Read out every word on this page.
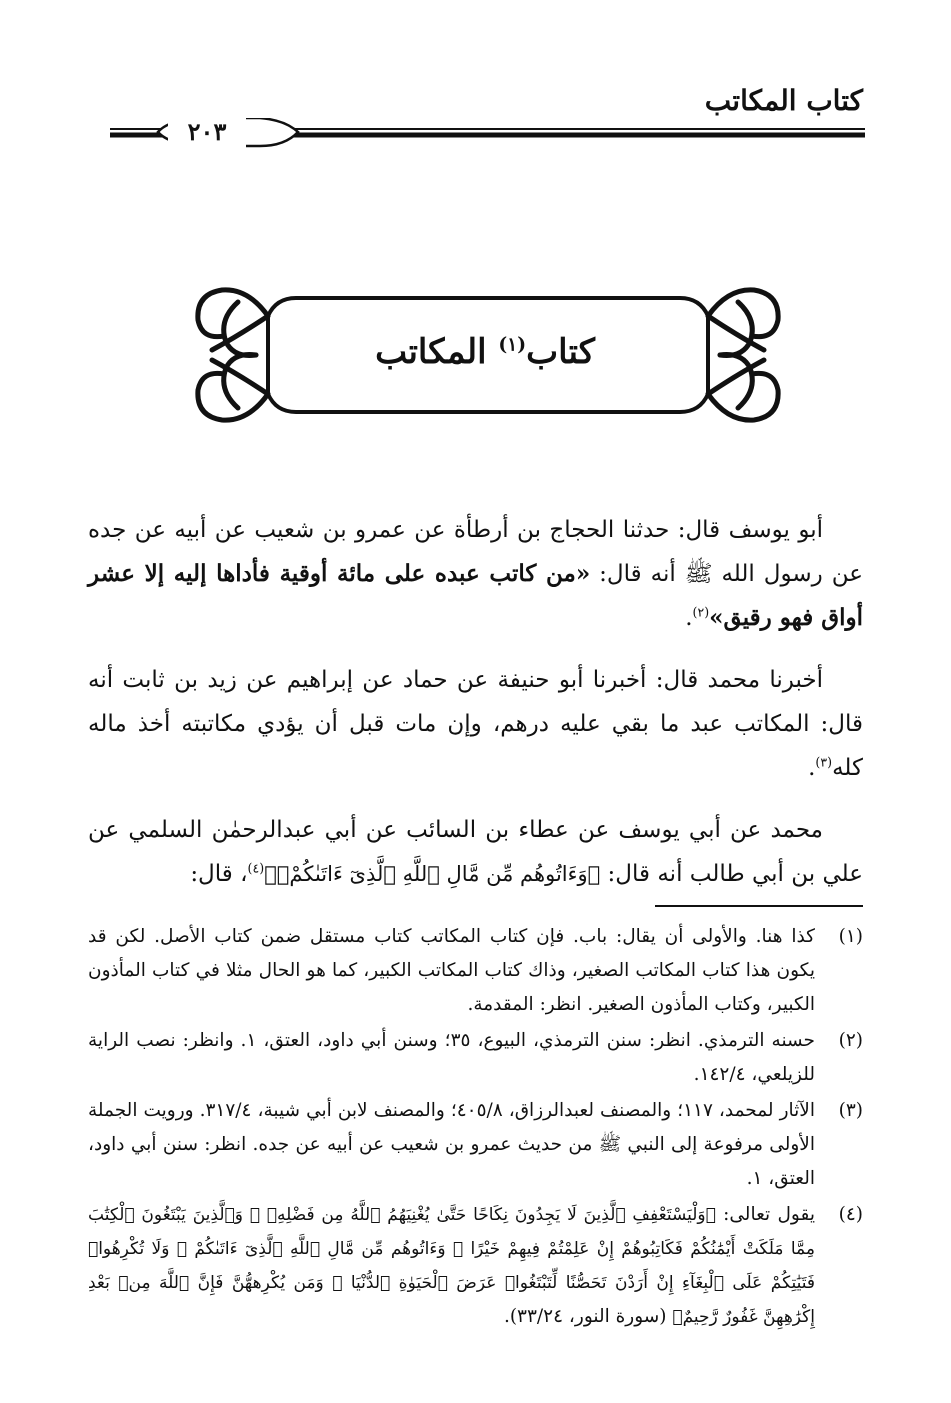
كتاب المكاتب
٢٠٣
كتاب$^{(١)}$ المكاتب

أبو يوسف قال: حدثنا الحجاج بن أرطأة عن عمرو بن شعيب عن أبيه عن جده عن رسول الله ﷺ أنه قال: «من كاتب عبده على مائة أوقية فأداها إليه إلا عشر أواق فهو رقيق»$^{(٢)}$.

أخبرنا محمد قال: أخبرنا أبو حنيفة عن حماد عن إبراهيم عن زيد بن ثابت أنه قال: المكاتب عبد ما بقي عليه درهم، وإن مات قبل أن يؤدي مكاتبته أخذ ماله كله$^{(٣)}$.

محمد عن أبي يوسف عن عطاء بن السائب عن أبي عبدالرحمٰن السلمي عن علي بن أبي طالب أنه قال: ﴿وَءَاتُوهُم مِّن مَّالِ ٱللَّهِ ٱلَّذِىٓ ءَاتَىٰكُمْۚ﴾$^{(٤)}$، قال:

(١)
كذا هنا. والأولى أن يقال: باب. فإن كتاب المكاتب كتاب مستقل ضمن كتاب الأصل. لكن قد يكون هذا كتاب المكاتب الصغير، وذاك كتاب المكاتب الكبير، كما هو الحال مثلا في كتاب المأذون الكبير، وكتاب المأذون الصغير. انظر: المقدمة.
(٢)
حسنه الترمذي. انظر: سنن الترمذي، البيوع، ٣٥؛ وسنن أبي داود، العتق، ١. وانظر: نصب الراية للزيلعي، ١٤٢/٤.
(٣)
الآثار لمحمد، ١١٧؛ والمصنف لعبدالرزاق، ٤٠٥/٨؛ والمصنف لابن أبي شيبة، ٣١٧/٤. ورويت الجملة الأولى مرفوعة إلى النبي ﷺ من حديث عمرو بن شعيب عن أبيه عن جده. انظر: سنن أبي داود، العتق، ١.
(٤)
يقول تعالى: ﴿وَلْيَسْتَعْفِفِ ٱلَّذِينَ لَا يَجِدُونَ نِكَاحًا حَتَّىٰ يُغْنِيَهُمُ ٱللَّهُ مِن فَضْلِهِۦ ۗ وَٱلَّذِينَ يَبْتَغُونَ ٱلْكِتَٰبَ مِمَّا مَلَكَتْ أَيْمَٰنُكُمْ فَكَاتِبُوهُمْ إِنْ عَلِمْتُمْ فِيهِمْ خَيْرًا ۖ وَءَاتُوهُم مِّن مَّالِ ٱللَّهِ ٱلَّذِىٓ ءَاتَىٰكُمْ ۚ وَلَا تُكْرِهُوا۟ فَتَيَٰتِكُمْ عَلَى ٱلْبِغَآءِ إِنْ أَرَدْنَ تَحَصُّنًا لِّتَبْتَغُوا۟ عَرَضَ ٱلْحَيَوٰةِ ٱلدُّنْيَا ۚ وَمَن يُكْرِههُّنَّ فَإِنَّ ٱللَّهَ مِنۢ بَعْدِ إِكْرَٰهِهِنَّ غَفُورٌ رَّحِيمٌ﴾ (سورة النور، ٣٣/٢٤).
